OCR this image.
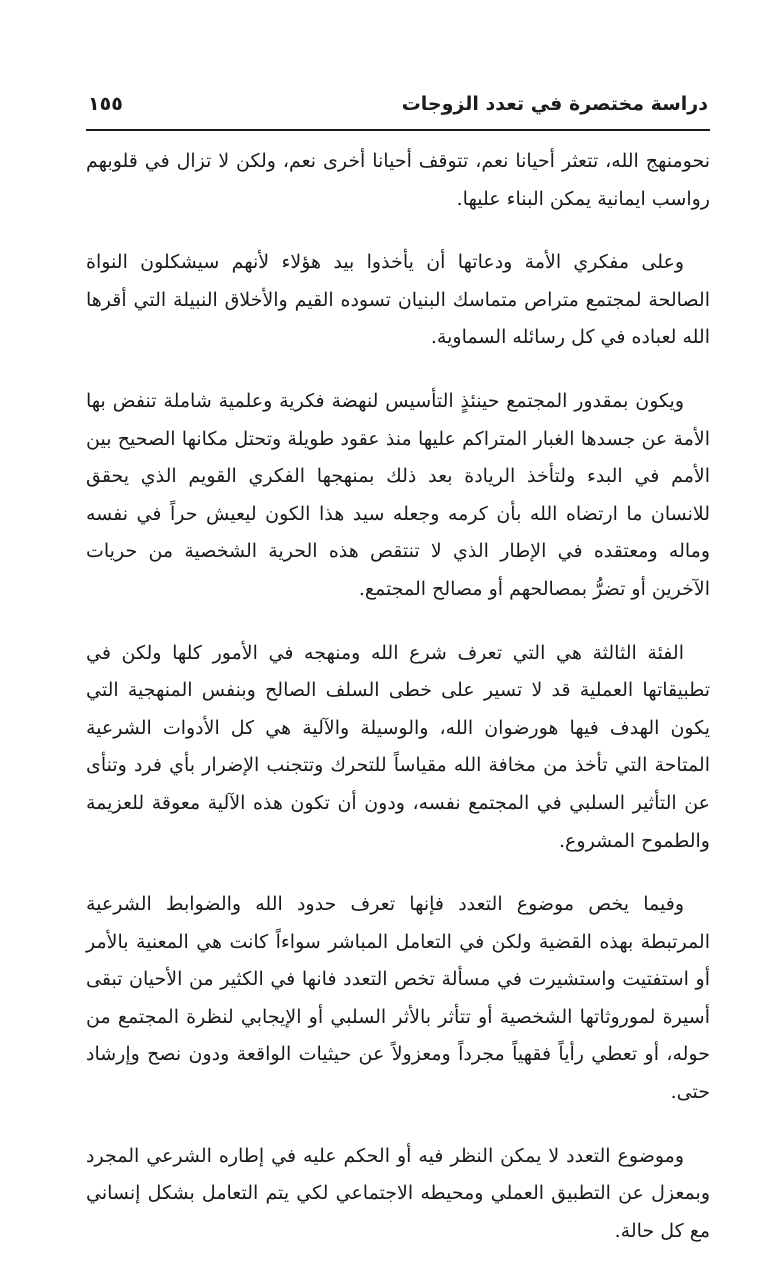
دراسة مختصرة في تعدد الزوجات
١٥٥

نحومنهج الله، تتعثر أحيانا نعم، تتوقف أحيانا أخرى نعم، ولكن لا تزال في قلوبهم رواسب ايمانية يمكن البناء عليها.

وعلى مفكري الأمة ودعاتها أن يأخذوا بيد هؤلاء لأنهم سيشكلون النواة الصالحة لمجتمع متراص متماسك البنيان تسوده القيم والأخلاق النبيلة التي أقرها الله لعباده في كل رسائله السماوية.

ويكون بمقدور المجتمع حينئذٍ التأسيس لنهضة فكرية وعلمية شاملة تنفض بها الأمة عن جسدها الغبار المتراكم عليها منذ عقود طويلة وتحتل مكانها الصحيح بين الأمم في البدء ولتأخذ الريادة بعد ذلك بمنهجها الفكري القويم الذي يحقق للانسان ما ارتضاه الله بأن كرمه وجعله سيد هذا الكون ليعيش حراً في نفسه وماله ومعتقده في الإطار الذي لا تنتقص هذه الحرية الشخصية من حريات الآخرين أو تضرُّ بمصالحهم أو مصالح المجتمع.

الفئة الثالثة هي التي تعرف شرع الله ومنهجه في الأمور كلها ولكن في تطبيقاتها العملية قد لا تسير على خطى السلف الصالح وبنفس المنهجية التي يكون الهدف فيها هورضوان الله، والوسيلة والآلية هي كل الأدوات الشرعية المتاحة التي تأخذ من مخافة الله مقياساً للتحرك وتتجنب الإضرار بأي فرد وتنأى عن التأثير السلبي في المجتمع نفسه، ودون أن تكون هذه الآلية معوقة للعزيمة والطموح المشروع.

وفيما يخص موضوع التعدد فإنها تعرف حدود الله والضوابط الشرعية المرتبطة بهذه القضية ولكن في التعامل المباشر سواءاً كانت هي المعنية بالأمر أو استفتيت واستشيرت في مسألة تخص التعدد فانها في الكثير من الأحيان تبقى أسيرة لموروثاتها الشخصية أو تتأثر بالأثر السلبي أو الإيجابي لنظرة المجتمع من حوله، أو تعطي رأياً فقهياً مجرداً ومعزولاً عن حيثيات الواقعة ودون نصح وإرشاد حتى.

وموضوع التعدد لا يمكن النظر فيه أو الحكم عليه في إطاره الشرعي المجرد وبمعزل عن التطبيق العملي ومحيطه الاجتماعي لكي يتم التعامل بشكل إنساني مع كل حالة.
